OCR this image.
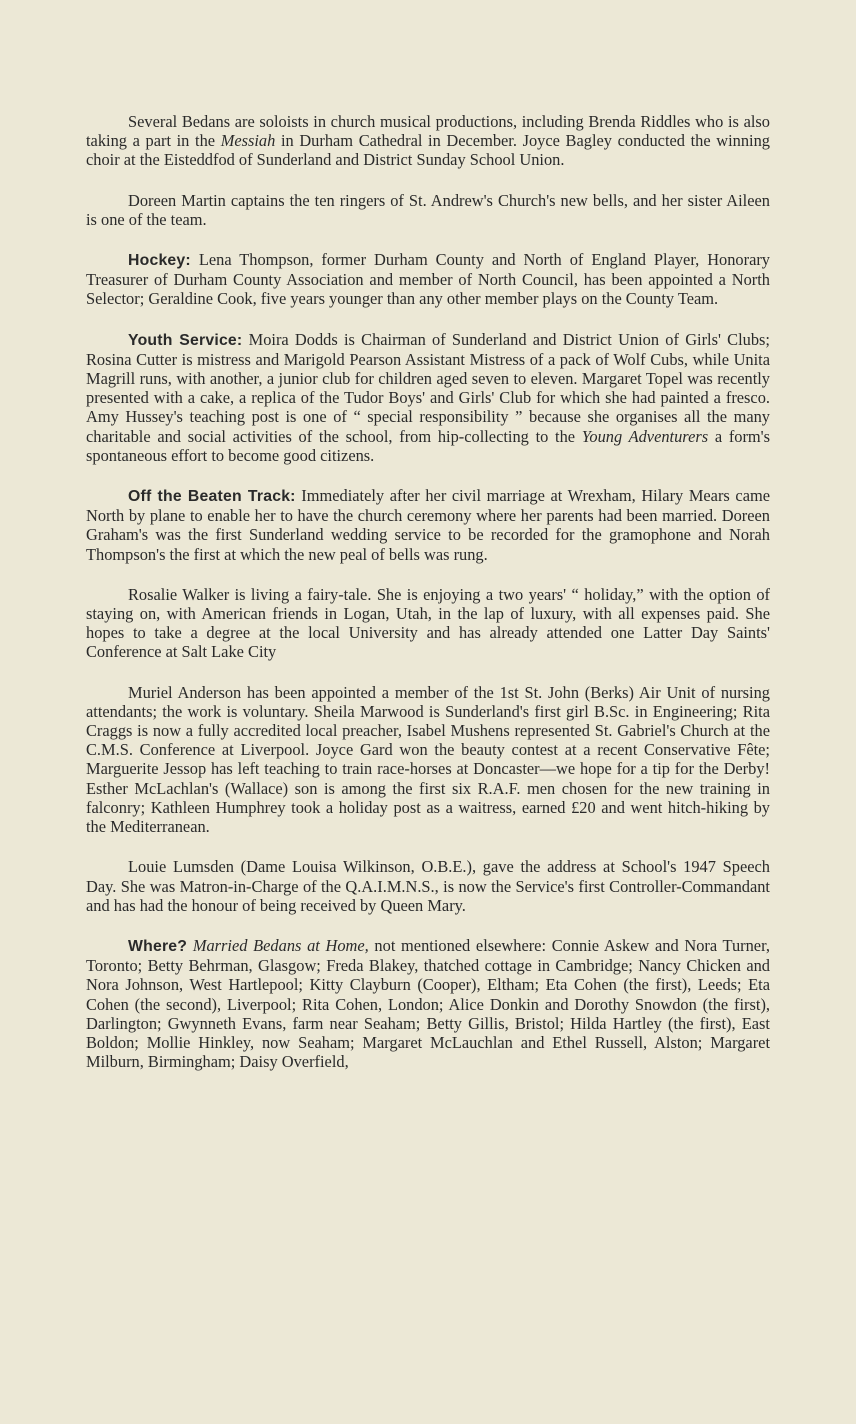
Several Bedans are soloists in church musical productions, including Brenda Riddles who is also taking a part in the Messiah in Durham Cathedral in December. Joyce Bagley conducted the winning choir at the Eisteddfod of Sunderland and District Sunday School Union.

Doreen Martin captains the ten ringers of St. Andrew's Church's new bells, and her sister Aileen is one of the team.

Hockey: Lena Thompson, former Durham County and North of England Player, Honorary Treasurer of Durham County Association and member of North Council, has been appointed a North Selector; Geraldine Cook, five years younger than any other member plays on the County Team.

Youth Service: Moira Dodds is Chairman of Sunderland and District Union of Girls' Clubs; Rosina Cutter is mistress and Marigold Pearson Assistant Mistress of a pack of Wolf Cubs, while Unita Magrill runs, with another, a junior club for children aged seven to eleven. Margaret Topel was recently presented with a cake, a replica of the Tudor Boys' and Girls' Club for which she had painted a fresco. Amy Hussey's teaching post is one of “ special responsibility ” because she organises all the many charitable and social activities of the school, from hip-collecting to the Young Adventurers a form's spontaneous effort to become good citizens.

Off the Beaten Track: Immediately after her civil marriage at Wrexham, Hilary Mears came North by plane to enable her to have the church ceremony where her parents had been married. Doreen Graham's was the first Sunderland wedding service to be recorded for the gramophone and Norah Thompson's the first at which the new peal of bells was rung.

Rosalie Walker is living a fairy-tale. She is enjoying a two years' “ holiday,” with the option of staying on, with American friends in Logan, Utah, in the lap of luxury, with all expenses paid. She hopes to take a degree at the local University and has already attended one Latter Day Saints' Conference at Salt Lake City

Muriel Anderson has been appointed a member of the 1st St. John (Berks) Air Unit of nursing attendants; the work is voluntary. Sheila Marwood is Sunderland's first girl B.Sc. in Engineering; Rita Craggs is now a fully accredited local preacher, Isabel Mushens represented St. Gabriel's Church at the C.M.S. Conference at Liverpool. Joyce Gard won the beauty contest at a recent Conservative Fête; Marguerite Jessop has left teaching to train race-horses at Doncaster—we hope for a tip for the Derby! Esther McLachlan's (Wallace) son is among the first six R.A.F. men chosen for the new training in falconry; Kathleen Humphrey took a holiday post as a waitress, earned £20 and went hitch-hiking by the Mediterranean.

Louie Lumsden (Dame Louisa Wilkinson, O.B.E.), gave the address at School's 1947 Speech Day. She was Matron-in-Charge of the Q.A.I.M.N.S., is now the Service's first Controller-Commandant and has had the honour of being received by Queen Mary.

Where? Married Bedans at Home, not mentioned elsewhere: Connie Askew and Nora Turner, Toronto; Betty Behrman, Glasgow; Freda Blakey, thatched cottage in Cambridge; Nancy Chicken and Nora Johnson, West Hartlepool; Kitty Clayburn (Cooper), Eltham; Eta Cohen (the first), Leeds; Eta Cohen (the second), Liverpool; Rita Cohen, London; Alice Donkin and Dorothy Snowdon (the first), Darlington; Gwynneth Evans, farm near Seaham; Betty Gillis, Bristol; Hilda Hartley (the first), East Boldon; Mollie Hinkley, now Seaham; Margaret McLauchlan and Ethel Russell, Alston; Margaret Milburn, Birmingham; Daisy Overfield,
